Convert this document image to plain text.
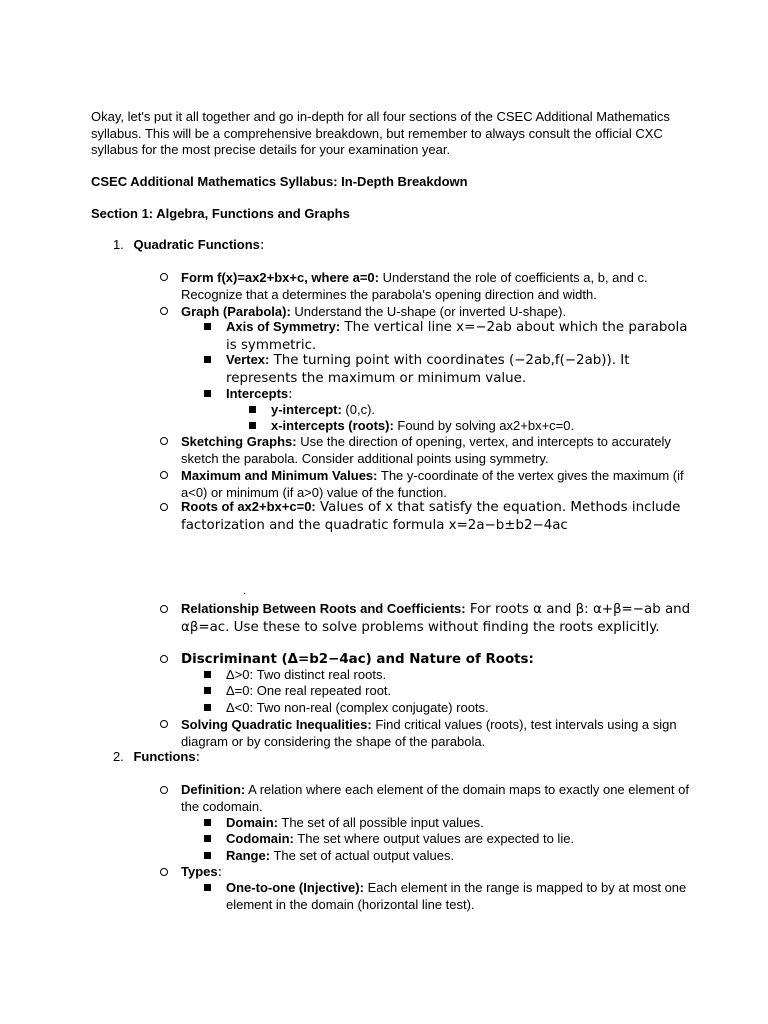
Okay, let's put it all together and go in-depth for all four sections of the CSEC Additional Mathematics syllabus. This will be a comprehensive breakdown, but remember to always consult the official CXC syllabus for the most precise details for your examination year.
CSEC Additional Mathematics Syllabus: In-Depth Breakdown
Section 1: Algebra, Functions and Graphs
1. Quadratic Functions:
Form f(x)=ax2+bx+c, where a=0: Understand the role of coefficients a, b, and c. Recognize that a determines the parabola's opening direction and width.
Graph (Parabola): Understand the U-shape (or inverted U-shape).
Axis of Symmetry: The vertical line x=−2ab about which the parabola is symmetric.
Vertex: The turning point with coordinates (−2ab,f(−2ab)). It represents the maximum or minimum value.
Intercepts:
y-intercept: (0,c).
x-intercepts (roots): Found by solving ax2+bx+c=0.
Sketching Graphs: Use the direction of opening, vertex, and intercepts to accurately sketch the parabola. Consider additional points using symmetry.
Maximum and Minimum Values: The y-coordinate of the vertex gives the maximum (if a<0) or minimum (if a>0) value of the function.
Roots of ax2+bx+c=0: Values of x that satisfy the equation. Methods include factorization and the quadratic formula x=2a−b±b2−4ac
.
Relationship Between Roots and Coefficients: For roots α and β: α+β=−ab and αβ=ac. Use these to solve problems without finding the roots explicitly.
Discriminant (Δ=b2−4ac) and Nature of Roots:
Δ>0: Two distinct real roots.
Δ=0: One real repeated root.
Δ<0: Two non-real (complex conjugate) roots.
Solving Quadratic Inequalities: Find critical values (roots), test intervals using a sign diagram or by considering the shape of the parabola.
2. Functions:
Definition: A relation where each element of the domain maps to exactly one element of the codomain.
Domain: The set of all possible input values.
Codomain: The set where output values are expected to lie.
Range: The set of actual output values.
Types:
One-to-one (Injective): Each element in the range is mapped to by at most one element in the domain (horizontal line test).
